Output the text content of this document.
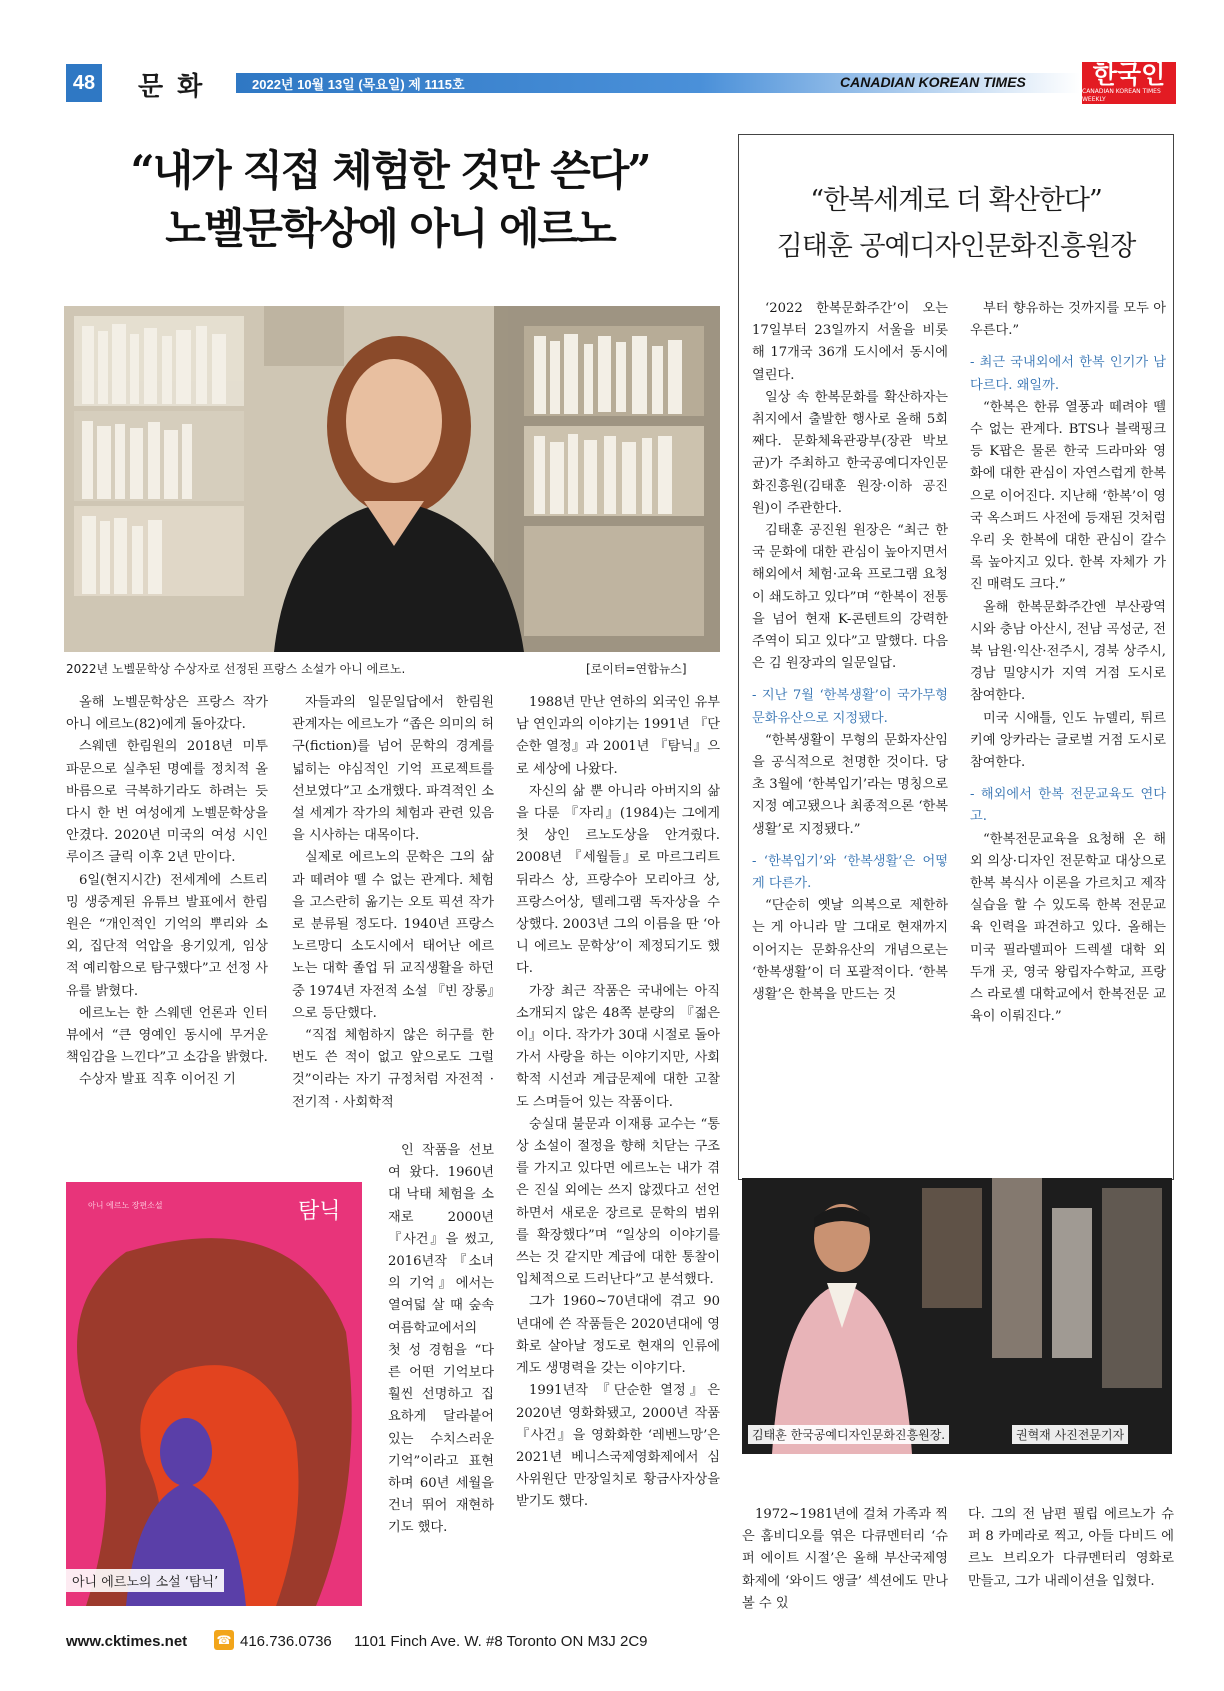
48 문화	2022년 10월 13일 (목요일) 제 1115호	CANADIAN KOREAN TIMES	한국인
CANADIAN KOREAN TIMES WEEKLY
“내가 직접 체험한 것만 쓴다”
노벨문학상에 아니 에르노
2022년 노벨문학상 수상자로 선정된 프랑스 소설가 아니 에르노.	[로이터=연합뉴스]

올해 노벨문학상은 프랑스 작가 아니 에르노(82)에게 돌아갔다.

스웨덴 한림원의 2018년 미투 파문으로 실추된 명예를 정치적 올바름으로 극복하기라도 하려는 듯 다시 한 번 여성에게 노벨문학상을 안겼다. 2020년 미국의 여성 시인 루이즈 글릭 이후 2년 만이다.

6일(현지시간) 전세계에 스트리밍 생중계된 유튜브 발표에서 한림원은 “개인적인 기억의 뿌리와 소외, 집단적 억압을 용기있게, 임상적 예리함으로 탐구했다”고 선정 사유를 밝혔다.

에르노는 한 스웨덴 언론과 인터뷰에서 “큰 영예인 동시에 무거운 책임감을 느낀다”고 소감을 밝혔다.

수상자 발표 직후 이어진 기

자들과의 일문일답에서 한림원 관계자는 에르노가 “좁은 의미의 허구(fiction)를 넘어 문학의 경계를 넓히는 야심적인 기억 프로젝트를 선보였다”고 소개했다. 파격적인 소설 세계가 작가의 체험과 관련 있음을 시사하는 대목이다.

실제로 에르노의 문학은 그의 삶과 떼려야 뗄 수 없는 관계다. 체험을 고스란히 옮기는 오토 픽션 작가로 분류될 정도다. 1940년 프랑스 노르망디 소도시에서 태어난 에르노는 대학 졸업 뒤 교직생활을 하던 중 1974년 자전적 소설 『빈 장롱』으로 등단했다.

“직접 체험하지 않은 허구를 한 번도 쓴 적이 없고 앞으로도 그럴 것”이라는 자기 규정처럼 자전적 · 전기적 · 사회학적

인 작품을 선보여 왔다. 1960년대 낙태 체험을 소재로 2000년 『사건』을 썼고, 2016년작 『소녀의 기억』에서는 열여덟 살 때 숲속 여름학교에서의 첫 성 경험을 “다른 어떤 기억보다 훨씬 선명하고 집요하게 달라붙어 있는 수치스러운 기억”이라고 표현하며 60년 세월을 건너 뛰어 재현하기도 했다.

1988년 만난 연하의 외국인 유부남 연인과의 이야기는 1991년 『단순한 열정』과 2001년 『탐닉』으로 세상에 나왔다.

자신의 삶 뿐 아니라 아버지의 삶을 다룬 『자리』(1984)는 그에게 첫 상인 르노도상을 안겨줬다. 2008년 『세월들』로 마르그리트 뒤라스 상, 프랑수아 모리아크 상, 프랑스어상, 텔레그램 독자상을 수상했다. 2003년 그의 이름을 딴 ‘아니 에르노 문학상’이 제정되기도 했다.

가장 최근 작품은 국내에는 아직 소개되지 않은 48쪽 분량의 『젊은이』이다. 작가가 30대 시절로 돌아가서 사랑을 하는 이야기지만, 사회학적 시선과 계급문제에 대한 고찰도 스며들어 있는 작품이다.

숭실대 불문과 이재룡 교수는 “통상 소설이 절정을 향해 치닫는 구조를 가지고 있다면 에르노는 내가 겪은 진실 외에는 쓰지 않겠다고 선언하면서 새로운 장르로 문학의 범위를 확장했다”며 “일상의 이야기를 쓰는 것 같지만 계급에 대한 통찰이 입체적으로 드러난다”고 분석했다.

그가 1960~70년대에 겪고 90년대에 쓴 작품들은 2020년대에 영화로 살아날 정도로 현재의 인류에게도 생명력을 갖는 이야기다.

1991년작 『단순한 열정』은 2020년 영화화됐고, 2000년 작품 『사건』을 영화화한 ‘레벤느망’은 2021년 베니스국제영화제에서 심사위원단 만장일치로 황금사자상을 받기도 했다.

아니 에르노 장편소설	탐닉
아니 에르노의 소설 ‘탐닉’

1972~1981년에 걸쳐 가족과 찍은 홈비디오를 엮은 다큐멘터리 ‘슈퍼 에이트 시절’은 올해 부산국제영화제에 ‘와이드 앵글’ 섹션에도 만나볼 수 있

다. 그의 전 남편 필립 에르노가 슈퍼 8 카메라로 찍고, 아들 다비드 에르노 브리오가 다큐멘터리 영화로 만들고, 그가 내레이션을 입혔다.

“한복세계로 더 확산한다”
김태훈 공예디자인문화진흥원장

‘2022 한복문화주간’이 오는 17일부터 23일까지 서울을 비롯해 17개국 36개 도시에서 동시에 열린다.

일상 속 한복문화를 확산하자는 취지에서 출발한 행사로 올해 5회째다. 문화체육관광부(장관 박보균)가 주최하고 한국공예디자인문화진흥원(김태훈 원장·이하 공진원)이 주관한다.

김태훈 공진원 원장은 “최근 한국 문화에 대한 관심이 높아지면서 해외에서 체험·교육 프로그램 요청이 쇄도하고 있다”며 “한복이 전통을 넘어 현재 K-콘텐트의 강력한 주역이 되고 있다”고 말했다. 다음은 김 원장과의 일문일답.

- 지난 7월 ‘한복생활’이 국가무형문화유산으로 지정됐다.

“한복생활이 무형의 문화자산임을 공식적으로 천명한 것이다. 당초 3월에 ‘한복입기’라는 명칭으로 지정 예고됐으나 최종적으론 ‘한복생활’로 지정됐다.”

- ‘한복입기’와 ‘한복생활’은 어떻게 다른가.

“단순히 옛날 의복으로 제한하는 게 아니라 말 그대로 현재까지 이어지는 문화유산의 개념으로는 ‘한복생활’이 더 포괄적이다. ‘한복생활’은 한복을 만드는 것

부터 향유하는 것까지를 모두 아우른다.”

- 최근 국내외에서 한복 인기가 남다르다. 왜일까.

“한복은 한류 열풍과 떼려야 뗄 수 없는 관계다. BTS나 블랙핑크 등 K팝은 물론 한국 드라마와 영화에 대한 관심이 자연스럽게 한복으로 이어진다. 지난해 ‘한복’이 영국 옥스퍼드 사전에 등재된 것처럼 우리 옷 한복에 대한 관심이 갈수록 높아지고 있다. 한복 자체가 가진 매력도 크다.”

올해 한복문화주간엔 부산광역시와 충남 아산시, 전남 곡성군, 전북 남원·익산·전주시, 경북 상주시, 경남 밀양시가 지역 거점 도시로 참여한다.

미국 시애틀, 인도 뉴델리, 튀르키예 앙카라는 글로벌 거점 도시로 참여한다.

- 해외에서 한복 전문교육도 연다고.

“한복전문교육을 요청해 온 해외 의상·디자인 전문학교 대상으로 한복 복식사 이론을 가르치고 제작 실습을 할 수 있도록 한복 전문교육 인력을 파견하고 있다. 올해는 미국 필라델피아 드렉셀 대학 외 두개 곳, 영국 왕립자수학교, 프랑스 라로셸 대학교에서 한복전문 교육이 이뤄진다.”

김태훈 한국공예디자인문화진흥원장.	권혁재 사진전문기자
www.cktimes.net ☎ 416.736.0736 1101 Finch Ave. W. #8 Toronto ON M3J 2C9
